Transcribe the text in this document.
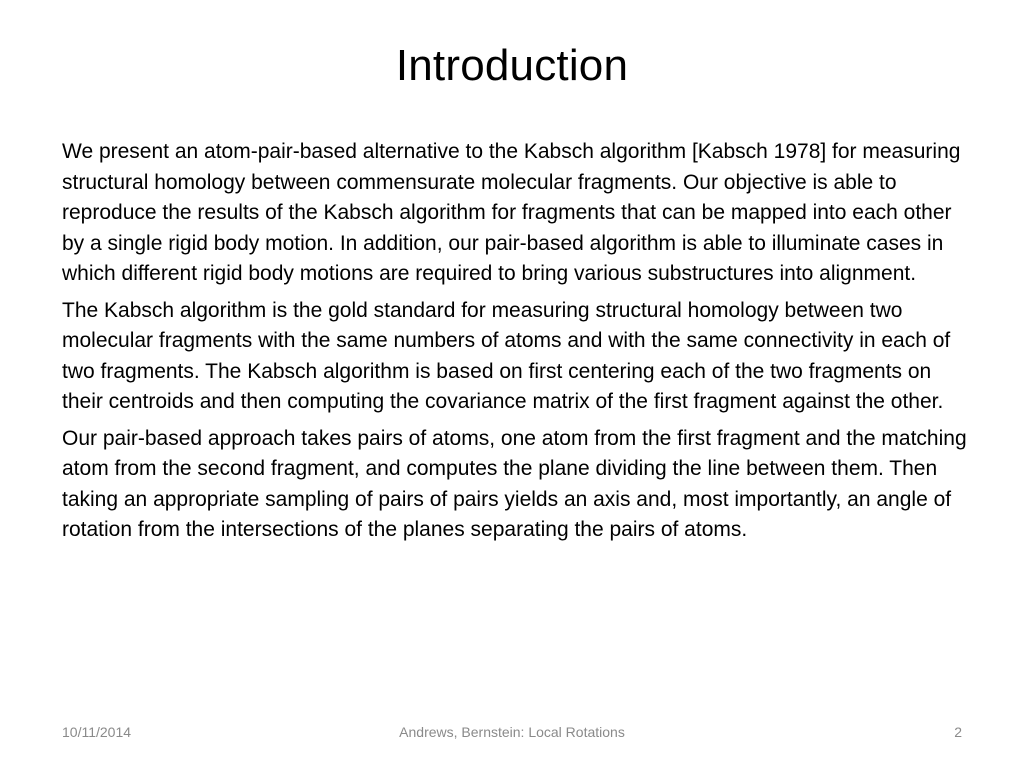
Introduction

We present an atom-pair-based alternative to the Kabsch algorithm [Kabsch 1978] for measuring structural homology between commensurate molecular fragments. Our objective is able to reproduce the results of the Kabsch algorithm for fragments that can be mapped into each other by a single rigid body motion. In addition, our pair-based algorithm is able to illuminate cases in which different rigid body motions are required to bring various substructures into alignment.

The Kabsch algorithm is the gold standard for measuring structural homology between two molecular fragments with the same numbers of atoms and with the same connectivity in each of two fragments. The Kabsch algorithm is based on first centering each of the two fragments on their centroids and then computing the covariance matrix of the first fragment against the other.

Our pair-based approach takes pairs of atoms, one atom from the first fragment and the matching atom from the second fragment, and computes the plane dividing the line between them. Then taking an appropriate sampling of pairs of pairs yields an axis and, most importantly, an angle of rotation from the intersections of the planes separating the pairs of atoms.

10/11/2014	Andrews, Bernstein: Local Rotations	2
